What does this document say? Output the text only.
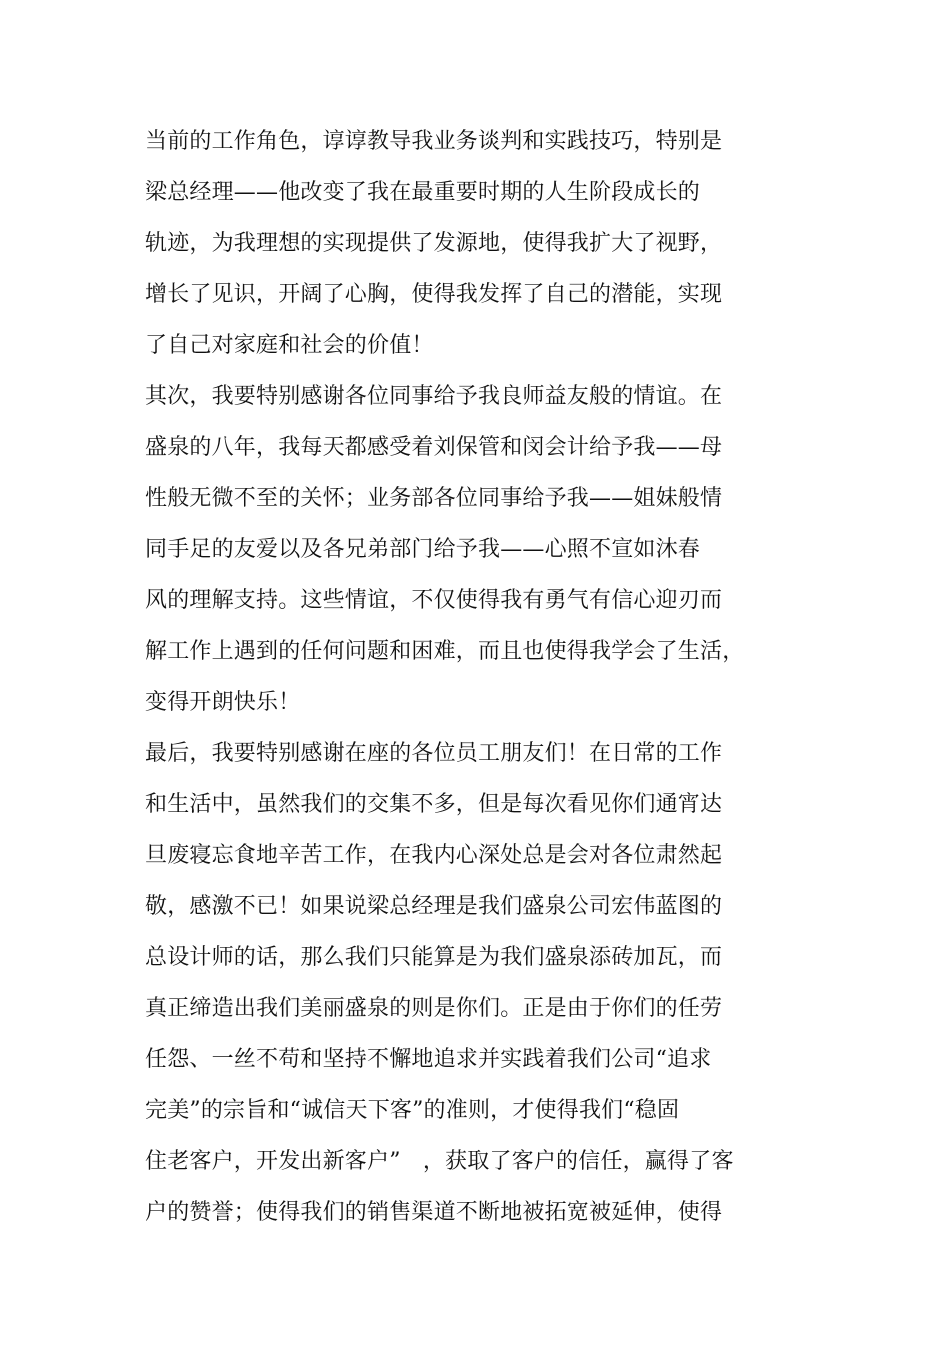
当前的工作角色，谆谆教导我业务谈判和实践技巧，特别是
梁总经理——他改变了我在最重要时期的人生阶段成长的
轨迹，为我理想的实现提供了发源地，使得我扩大了视野，
增长了见识，开阔了心胸，使得我发挥了自己的潜能，实现
了自己对家庭和社会的价值！
其次，我要特别感谢各位同事给予我良师益友般的情谊。在
盛泉的八年，我每天都感受着刘保管和闵会计给予我——母
性般无微不至的关怀；业务部各位同事给予我——姐妹般情
同手足的友爱以及各兄弟部门给予我——心照不宣如沐春
风的理解支持。这些情谊，不仅使得我有勇气有信心迎刃而
解工作上遇到的任何问题和困难，而且也使得我学会了生活，
变得开朗快乐！
最后，我要特别感谢在座的各位员工朋友们！在日常的工作
和生活中，虽然我们的交集不多，但是每次看见你们通宵达
旦废寝忘食地辛苦工作，在我内心深处总是会对各位肃然起
敬，感激不已！如果说梁总经理是我们盛泉公司宏伟蓝图的
总设计师的话，那么我们只能算是为我们盛泉添砖加瓦，而
真正缔造出我们美丽盛泉的则是你们。正是由于你们的任劳
任怨、一丝不苟和坚持不懈地追求并实践着我们公司“追求
完美”的宗旨和“诚信天下客”的准则，才使得我们“稳固
住老客户，开发出新客户”　，获取了客户的信任，赢得了客
户的赞誉；使得我们的销售渠道不断地被拓宽被延伸，使得
